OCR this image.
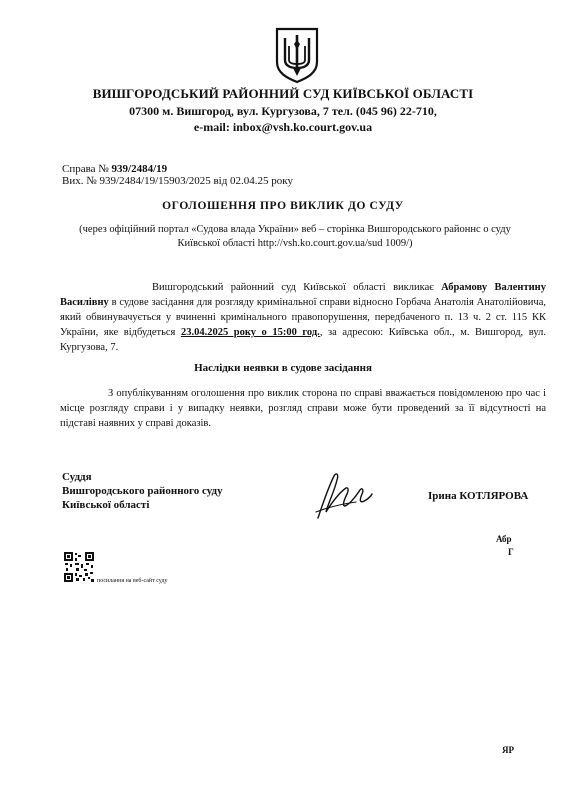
ВИШГОРОДСЬКИЙ РАЙОННИЙ СУД КИЇВСЬКОЇ ОБЛАСТІ
07300 м. Вишгород, вул. Кургузова, 7 тел. (045 96) 22-710,
e-mail: inbox@vsh.ko.court.gov.ua
Справа № 939/2484/19
Вих. № 939/2484/19/15903/2025 від 02.04.25 року
ОГОЛОШЕННЯ ПРО ВИКЛИК ДО СУДУ
(через офіційний портал «Судова влада України» веб – сторінка Вишгородського районнс о суду
Київської області http://vsh.ko.court.gov.ua/sud 1009/)
Вишгородський районний суд Київської області викликає Абрамову Валентину Василівну в судове засідання для розгляду кримінальної справи відносно Горбача Анатолія Анатолійовича, який обвинувачується у вчиненні кримінального правопорушення, передбаченого п. 13 ч. 2 ст. 115 КК України, яке відбудеться 23.04.2025 року о 15:00 год., за адресою: Київська обл., м. Вишгород, вул. Кургузова, 7.
Наслідки неявки в судове засідання
З опублікуванням оголошення про виклик сторона по справі вважається повідомленою про час і місце розгляду справи і у випадку неявки, розгляд справи може бути проведений за її відсутності на підставі наявних у справі доказів.
Суддя
Вишгородського районного суду
Київської області
Ірина КОТЛЯРОВА
посилання на веб-сайт суду
Абр
Г
ЯР
